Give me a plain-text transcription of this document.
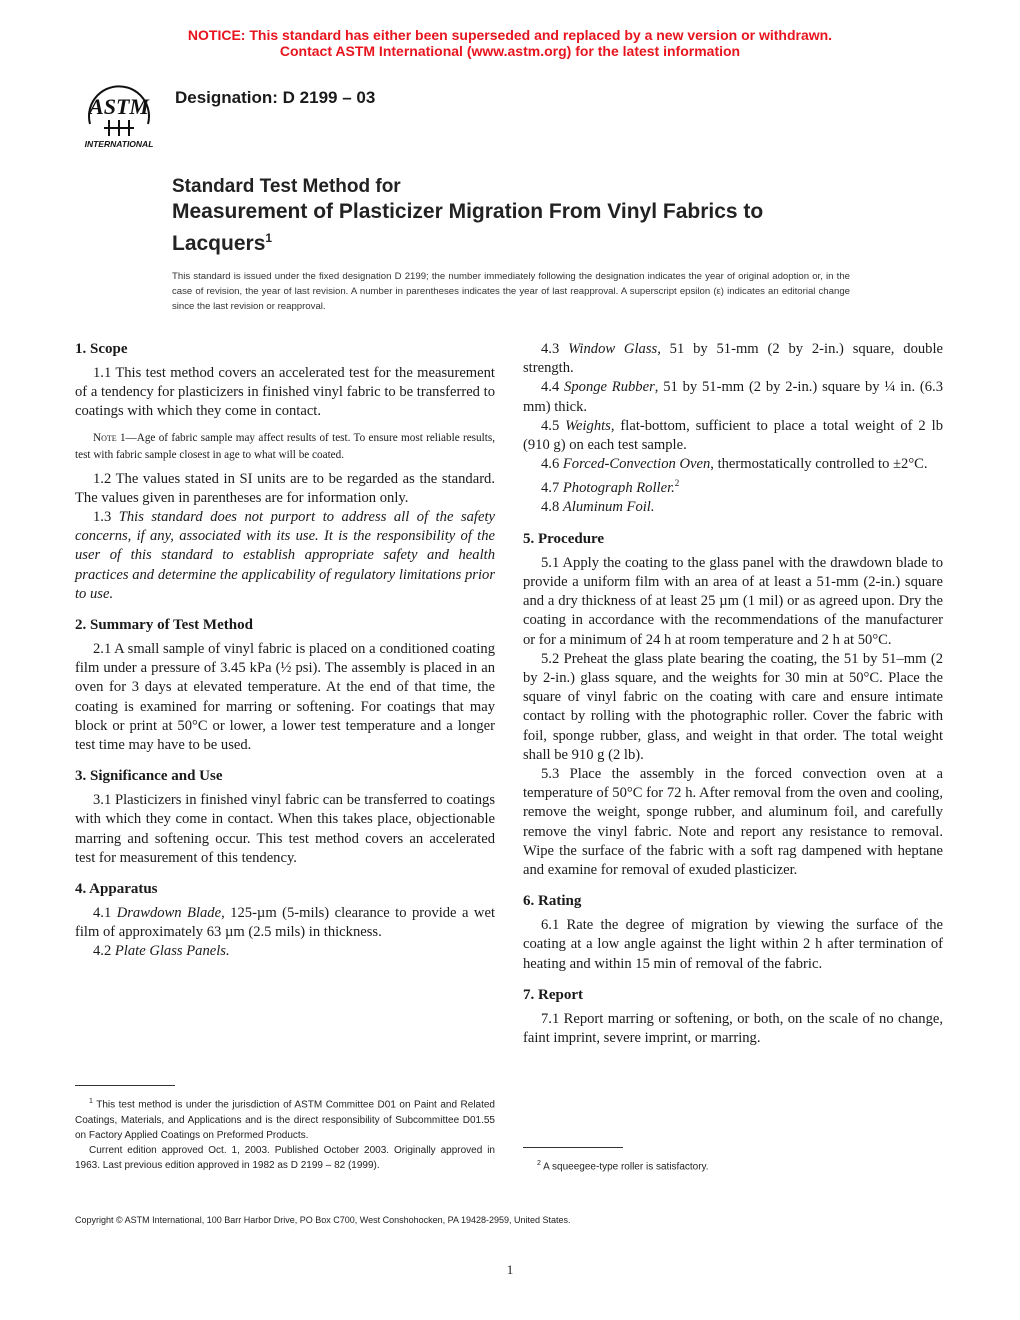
NOTICE: This standard has either been superseded and replaced by a new version or withdrawn.
Contact ASTM International (www.astm.org) for the latest information
ASTM
INTERNATIONAL
Designation: D 2199 – 03
Standard Test Method for
Measurement of Plasticizer Migration From Vinyl Fabrics to
Lacquers$^1$
This standard is issued under the fixed designation D 2199; the number immediately following the designation indicates the year of original adoption or, in the case of revision, the year of last revision. A number in parentheses indicates the year of last reapproval. A superscript epsilon (ε) indicates an editorial change since the last revision or reapproval.
1. Scope

1.1 This test method covers an accelerated test for the measurement of a tendency for plasticizers in finished vinyl fabric to be transferred to coatings with which they come in contact.

Note 1—Age of fabric sample may affect results of test. To ensure most reliable results, test with fabric sample closest in age to what will be coated.

1.2 The values stated in SI units are to be regarded as the standard. The values given in parentheses are for information only.

1.3 This standard does not purport to address all of the safety concerns, if any, associated with its use. It is the responsibility of the user of this standard to establish appropriate safety and health practices and determine the applicability of regulatory limitations prior to use.

2. Summary of Test Method

2.1 A small sample of vinyl fabric is placed on a conditioned coating film under a pressure of 3.45 kPa (½ psi). The assembly is placed in an oven for 3 days at elevated temperature. At the end of that time, the coating is examined for marring or softening. For coatings that may block or print at 50°C or lower, a lower test temperature and a longer test time may have to be used.

3. Significance and Use

3.1 Plasticizers in finished vinyl fabric can be transferred to coatings with which they come in contact. When this takes place, objectionable marring and softening occur. This test method covers an accelerated test for measurement of this tendency.

4. Apparatus

4.1 Drawdown Blade, 125-µm (5-mils) clearance to provide a wet film of approximately 63 µm (2.5 mils) in thickness.

4.2 Plate Glass Panels.

4.3 Window Glass, 51 by 51-mm (2 by 2-in.) square, double strength.

4.4 Sponge Rubber, 51 by 51-mm (2 by 2-in.) square by ¼ in. (6.3 mm) thick.

4.5 Weights, flat-bottom, sufficient to place a total weight of 2 lb (910 g) on each test sample.

4.6 Forced-Convection Oven, thermostatically controlled to ±2°C.

4.7 Photograph Roller.$^2$

4.8 Aluminum Foil.

5. Procedure

5.1 Apply the coating to the glass panel with the drawdown blade to provide a uniform film with an area of at least a 51-mm (2-in.) square and a dry thickness of at least 25 µm (1 mil) or as agreed upon. Dry the coating in accordance with the recommendations of the manufacturer or for a minimum of 24 h at room temperature and 2 h at 50°C.

5.2 Preheat the glass plate bearing the coating, the 51 by 51–mm (2 by 2-in.) glass square, and the weights for 30 min at 50°C. Place the square of vinyl fabric on the coating with care and ensure intimate contact by rolling with the photographic roller. Cover the fabric with foil, sponge rubber, glass, and weight in that order. The total weight shall be 910 g (2 lb).

5.3 Place the assembly in the forced convection oven at a temperature of 50°C for 72 h. After removal from the oven and cooling, remove the weight, sponge rubber, and aluminum foil, and carefully remove the vinyl fabric. Note and report any resistance to removal. Wipe the surface of the fabric with a soft rag dampened with heptane and examine for removal of exuded plasticizer.

6. Rating

6.1 Rate the degree of migration by viewing the surface of the coating at a low angle against the light within 2 h after termination of heating and within 15 min of removal of the fabric.

7. Report

7.1 Report marring or softening, or both, on the scale of no change, faint imprint, severe imprint, or marring.

$^1$ This test method is under the jurisdiction of ASTM Committee D01 on Paint and Related Coatings, Materials, and Applications and is the direct responsibility of Subcommittee D01.55 on Factory Applied Coatings on Preformed Products.

Current edition approved Oct. 1, 2003. Published October 2003. Originally approved in 1963. Last previous edition approved in 1982 as D 2199 – 82 (1999).	$^2$ A squeegee-type roller is satisfactory.

Copyright © ASTM International, 100 Barr Harbor Drive, PO Box C700, West Conshohocken, PA 19428-2959, United States.
1
